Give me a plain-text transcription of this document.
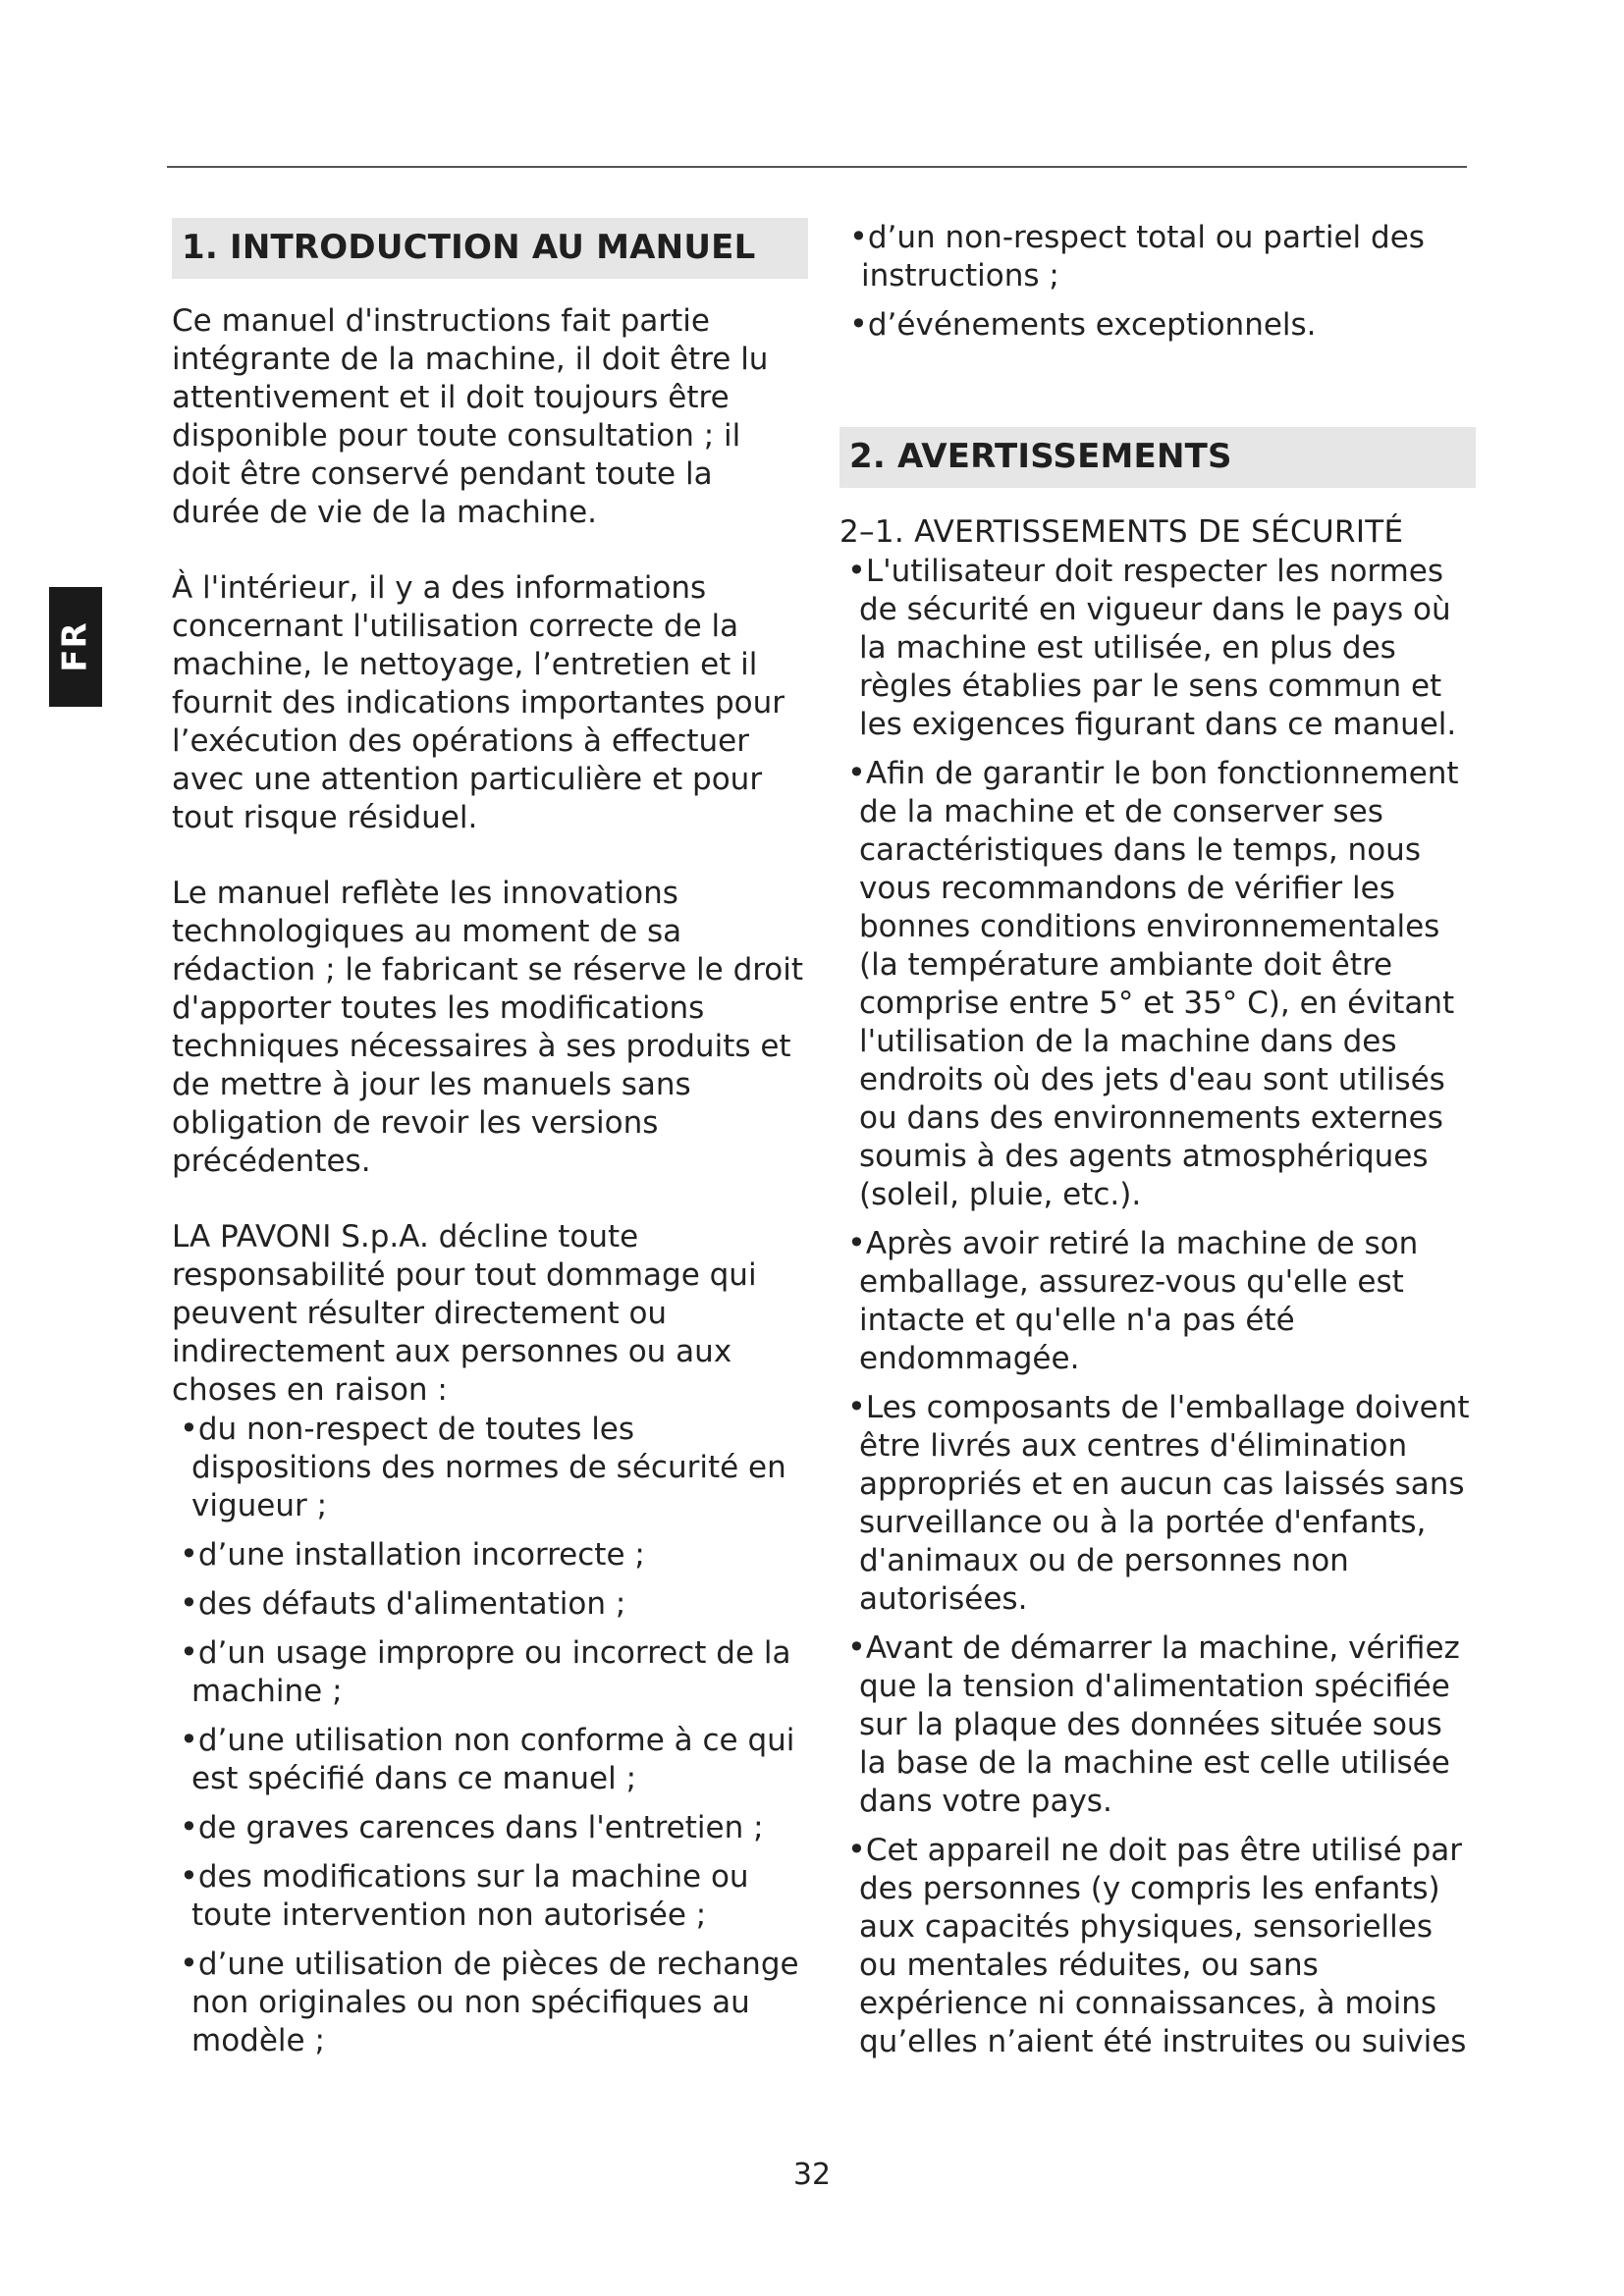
FR
1. INTRODUCTION AU MANUEL

Ce manuel d'instructions fait partie intégrante de la machine, il doit être lu attentivement et il doit toujours être disponible pour toute consultation ; il doit être conservé pendant toute la durée de vie de la machine.

À l'intérieur, il y a des informations concernant l'utilisation correcte de la machine, le nettoyage, l’entretien et il fournit des indications importantes pour l’exécution des opérations à effectuer avec une attention particulière et pour tout risque résiduel.

Le manuel reflète les innovations technologiques au moment de sa rédaction ; le fabricant se réserve le droit d'apporter toutes les modifications techniques nécessaires à ses produits et de mettre à jour les manuels sans obligation de revoir les versions précédentes.

LA PAVONI S.p.A. décline toute responsabilité pour tout dommage qui peuvent résulter directement ou indirectement aux personnes ou aux choses en raison :

•du non-respect de toutes les dispositions des normes de sécurité en vigueur ;
•d’une installation incorrecte ;
•des défauts d'alimentation ;
•d’un usage impropre ou incorrect de la machine ;
•d’une utilisation non conforme à ce qui est spécifié dans ce manuel ;
•de graves carences dans l'entretien ;
•des modifications sur la machine ou toute intervention non autorisée ;
•d’une utilisation de pièces de rechange non originales ou non spécifiques au modèle ;
•d’un non-respect total ou partiel des instructions ;
•d’événements exceptionnels.
2. AVERTISSEMENTS

2–1. AVERTISSEMENTS DE SÉCURITÉ

•L'utilisateur doit respecter les normes de sécurité en vigueur dans le pays où la machine est utilisée, en plus des règles établies par le sens commun et les exigences figurant dans ce manuel.
•Afin de garantir le bon fonctionnement de la machine et de conserver ses caractéristiques dans le temps, nous vous recommandons de vérifier les bonnes conditions environnementales (la température ambiante doit être comprise entre 5° et 35° C), en évitant l'utilisation de la machine dans des endroits où des jets d'eau sont utilisés ou dans des environnements externes soumis à des agents atmosphériques (soleil, pluie, etc.).
•Après avoir retiré la machine de son emballage, assurez-vous qu'elle est intacte et qu'elle n'a pas été endommagée.
•Les composants de l'emballage doivent être livrés aux centres d'élimination appropriés et en aucun cas laissés sans surveillance ou à la portée d'enfants, d'animaux ou de personnes non autorisées.
•Avant de démarrer la machine, vérifiez que la tension d'alimentation spécifiée sur la plaque des données située sous la base de la machine est celle utilisée dans votre pays.
•Cet appareil ne doit pas être utilisé par des personnes (y compris les enfants) aux capacités physiques, sensorielles ou mentales réduites, ou sans expérience ni connaissances, à moins qu’elles n’aient été instruites ou suivies
32
